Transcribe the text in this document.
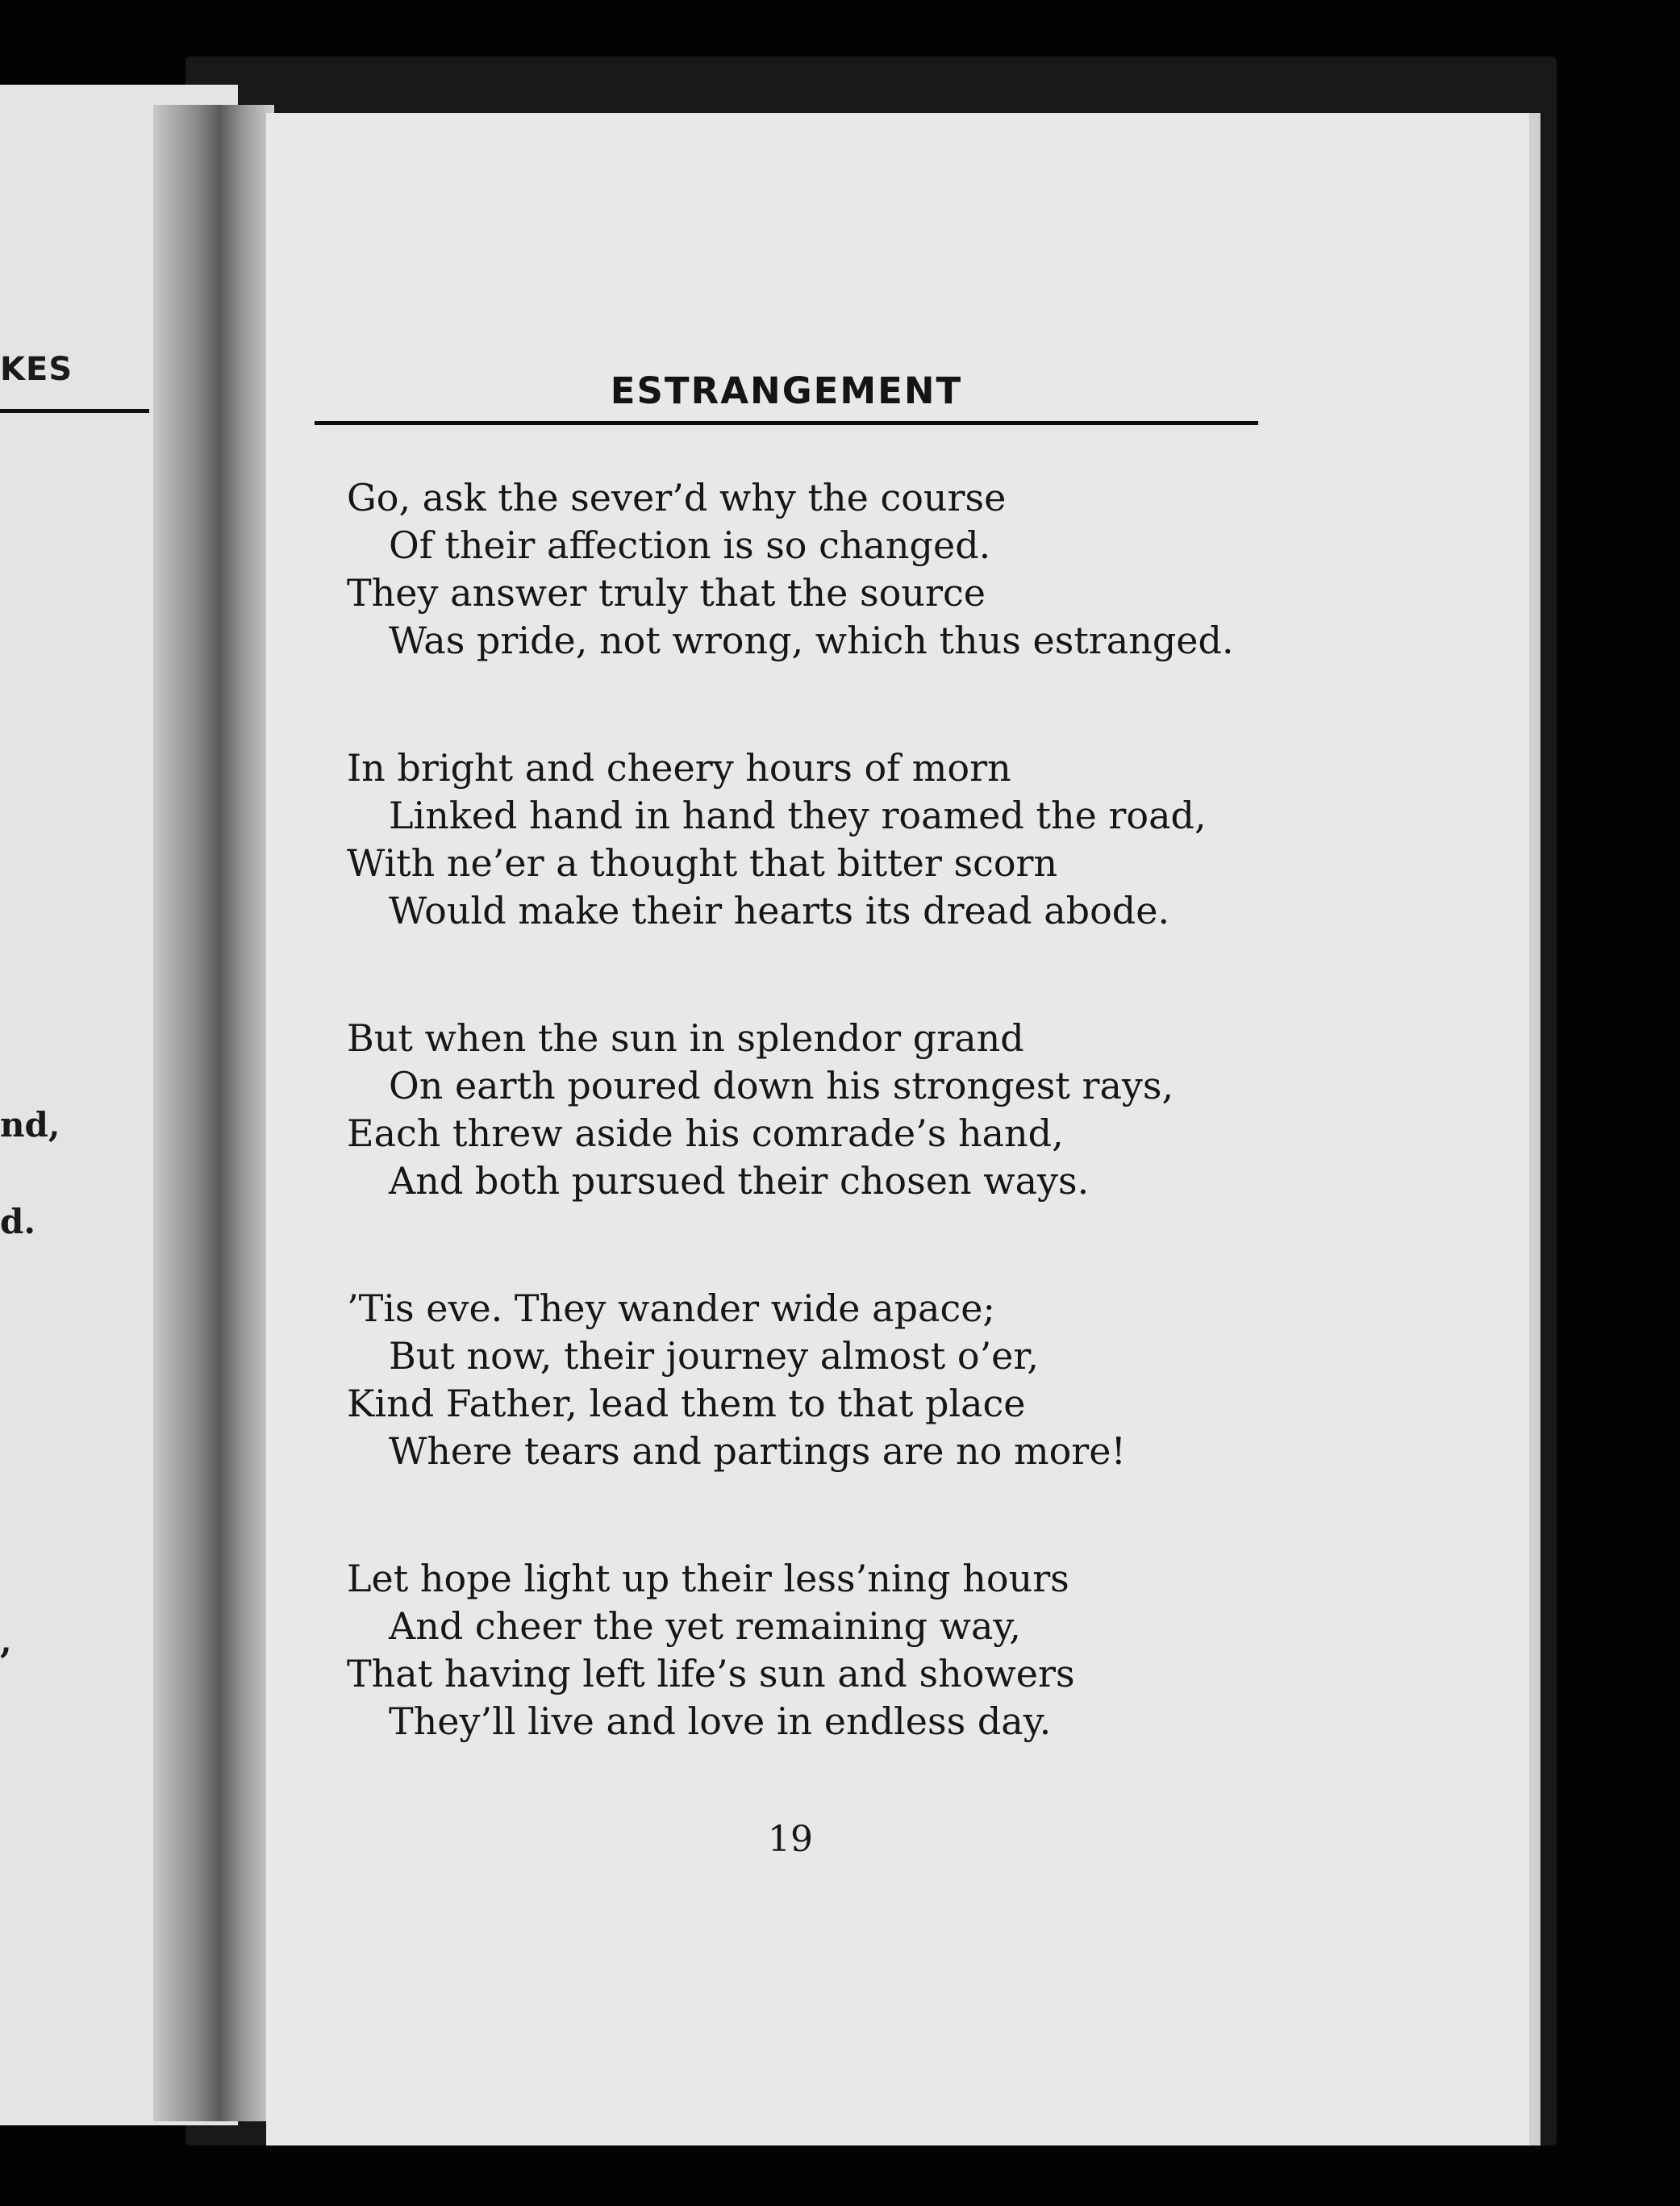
KES
nd,
d.
,
ESTRANGEMENT
Go, ask the sever’d why the course
Of their affection is so changed.
They answer truly that the source
Was pride, not wrong, which thus estranged.
In bright and cheery hours of morn
Linked hand in hand they roamed the road,
With ne’er a thought that bitter scorn
Would make their hearts its dread abode.
But when the sun in splendor grand
On earth poured down his strongest rays,
Each threw aside his comrade’s hand,
And both pursued their chosen ways.
’Tis eve. They wander wide apace;
But now, their journey almost o’er,
Kind Father, lead them to that place
Where tears and partings are no more!
Let hope light up their less’ning hours
And cheer the yet remaining way,
That having left life’s sun and showers
They’ll live and love in endless day.
19
